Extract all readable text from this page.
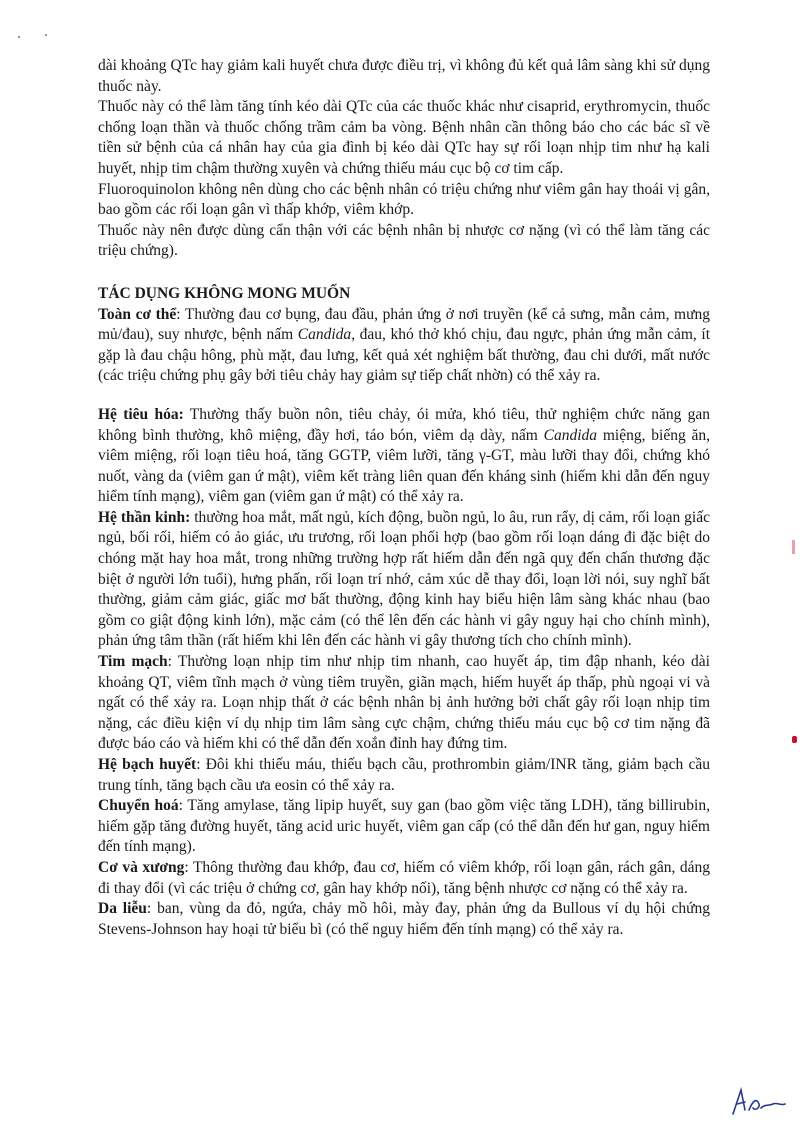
dài khoảng QTc hay giảm kali huyết chưa được điều trị, vì không đủ kết quả lâm sàng khi sử dụng thuốc này.

Thuốc này có thể làm tăng tính kéo dài QTc của các thuốc khác như cisaprid, erythromycin, thuốc chống loạn thần và thuốc chống trầm cảm ba vòng. Bệnh nhân cần thông báo cho các bác sĩ về tiền sử bệnh của cá nhân hay của gia đình bị kéo dài QTc hay sự rối loạn nhịp tim như hạ kali huyết, nhịp tim chậm thường xuyên và chứng thiếu máu cục bộ cơ tim cấp.

Fluoroquinolon không nên dùng cho các bệnh nhân có triệu chứng như viêm gân hay thoái vị gân, bao gồm các rối loạn gân vì thấp khớp, viêm khớp.

Thuốc này nên được dùng cẩn thận với các bệnh nhân bị nhược cơ nặng (vì có thể làm tăng các triệu chứng).

TÁC DỤNG KHÔNG MONG MUỐN

Toàn cơ thể: Thường đau cơ bụng, đau đầu, phản ứng ở nơi truyền (kể cả sưng, mẫn cảm, mưng mủ/đau), suy nhược, bệnh nấm Candida, đau, khó thở khó chịu, đau ngực, phản ứng mẫn cảm, ít gặp là đau chậu hông, phù mặt, đau lưng, kết quả xét nghiệm bất thường, đau chi dưới, mất nước (các triệu chứng phụ gây bởi tiêu chảy hay giảm sự tiếp chất nhờn) có thể xảy ra.

Hệ tiêu hóa: Thường thấy buồn nôn, tiêu chảy, ói mửa, khó tiêu, thử nghiệm chức năng gan không bình thường, khô miệng, đầy hơi, táo bón, viêm dạ dày, nấm Candida miệng, biếng ăn, viêm miệng, rối loạn tiêu hoá, tăng GGTP, viêm lưỡi, tăng γ-GT, màu lưỡi thay đổi, chứng khó nuốt, vàng da (viêm gan ứ mật), viêm kết tràng liên quan đến kháng sinh (hiếm khi dẫn đến nguy hiểm tính mạng), viêm gan (viêm gan ứ mật) có thể xảy ra.

Hệ thần kinh: thường hoa mắt, mất ngủ, kích động, buồn ngủ, lo âu, run rẩy, dị cảm, rối loạn giấc ngủ, bối rối, hiếm có ảo giác, ưu trương, rối loạn phối hợp (bao gồm rối loạn dáng đi đặc biệt do chóng mặt hay hoa mắt, trong những trường hợp rất hiếm dẫn đến ngã quỵ đến chấn thương đặc biệt ở người lớn tuổi), hưng phấn, rối loạn trí nhớ, cảm xúc dễ thay đổi, loạn lời nói, suy nghĩ bất thường, giảm cảm giác, giấc mơ bất thường, động kinh hay biểu hiện lâm sàng khác nhau (bao gồm co giật động kinh lớn), mặc cảm (có thể lên đến các hành vi gây nguy hại cho chính mình), phản ứng tâm thần (rất hiếm khi lên đến các hành vi gây thương tích cho chính mình).

Tim mạch: Thường loạn nhịp tim như nhịp tim nhanh, cao huyết áp, tim đập nhanh, kéo dài khoảng QT, viêm tĩnh mạch ở vùng tiêm truyền, giãn mạch, hiếm huyết áp thấp, phù ngoại vi và ngất có thể xảy ra. Loạn nhịp thất ở các bệnh nhân bị ảnh hưởng bởi chất gây rối loạn nhịp tim nặng, các điều kiện ví dụ nhịp tim lâm sàng cực chậm, chứng thiếu máu cục bộ cơ tim nặng đã được báo cáo và hiếm khi có thể dẫn đến xoắn đỉnh hay đứng tim.

Hệ bạch huyết: Đôi khi thiếu máu, thiếu bạch cầu, prothrombin giảm/INR tăng, giảm bạch cầu trung tính, tăng bạch cầu ưa eosin có thể xảy ra.

Chuyển hoá: Tăng amylase, tăng lipip huyết, suy gan (bao gồm việc tăng LDH), tăng billirubin, hiếm gặp tăng đường huyết, tăng acid uric huyết, viêm gan cấp (có thể dẫn đến hư gan, nguy hiểm đến tính mạng).

Cơ và xương: Thông thường đau khớp, đau cơ, hiếm có viêm khớp, rối loạn gân, rách gân, dáng đi thay đổi (vì các triệu ở chứng cơ, gân hay khớp nối), tăng bệnh nhược cơ nặng có thể xảy ra.

Da liễu: ban, vùng da đỏ, ngứa, chảy mồ hôi, mày đay, phản ứng da Bullous ví dụ hội chứng Stevens-Johnson hay hoại tử biểu bì (có thể nguy hiểm đến tính mạng) có thể xảy ra.
